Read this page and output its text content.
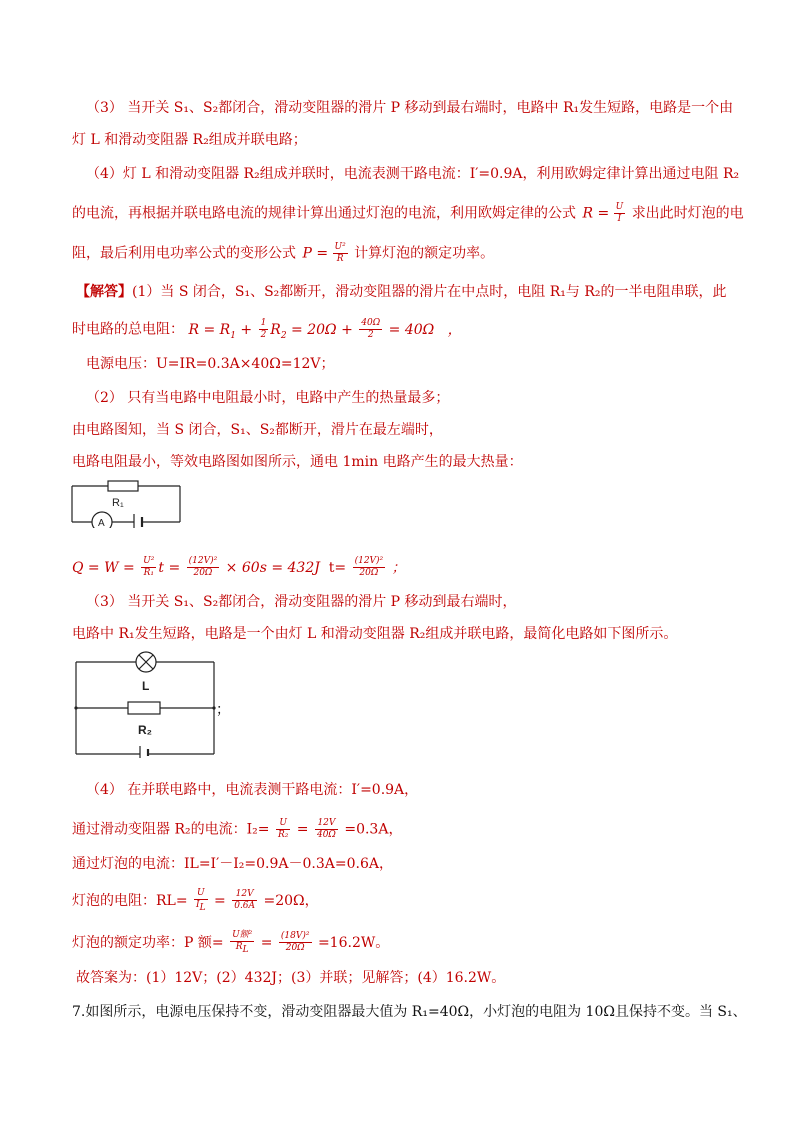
（3） 当开关 S₁、S₂都闭合，滑动变阻器的滑片 P 移动到最右端时，电路中 R₁发生短路，电路是一个由
灯 L 和滑动变阻器 R₂组成并联电路；
（4）灯 L 和滑动变阻器 R₂组成并联时，电流表测干路电流：I′=0.9A，利用欧姆定律计算出通过电阻 R₂
的电流，再根据并联电路电流的规律计算出通过灯泡的电流，利用欧姆定律的公式 $R = \frac{U}{I}$ 求出此时灯泡的电
阻，最后利用电功率公式的变形公式 $P = \frac{\text{U²}}{R}$ 计算灯泡的额定功率。
【解答】(1）当 S 闭合，S₁、S₂都断开，滑动变阻器的滑片在中点时，电阻 R₁与 R₂的一半电阻串联，此
时电路的总电阻： $R = R_1 + \frac{1}{2} R_2 = 20\Omega + \frac{40\Omega}{2} = 40\Omega$   ，
电源电压：U=IR=0.3A×40Ω=12V；
（2） 只有当电路中电阻最小时，电路中产生的热量最多；
由电路图知，当 S 闭合，S₁、S₂都断开，滑片在最左端时，
电路电阻最小，等效电路图如图所示，通电 1min 电路产生的最大热量：
R₁
A
$Q = W = \frac{\text{U²}}{\text{R₁}}$ $t = \frac{\text{(12V)²}}{20\Omega} \times 60s = 432J$ $t= \frac{\text{(12V)²}}{20\Omega}$ ；
（3） 当开关 S₁、S₂都闭合，滑动变阻器的滑片 P 移动到最右端时，
电路中 R₁发生短路，电路是一个由灯 L 和滑动变阻器 R₂组成并联电路，最简化电路如下图所示。
L
R₂
；
（4） 在并联电路中，电流表测干路电流：I′=0.9A，
通过滑动变阻器 R₂的电流：$I_2= \frac{U}{\text{R₂}} = \frac{12V}{40\Omega} =0.3A$，
通过灯泡的电流：IL=I′－I₂=0.9A－0.3A=0.6A，
灯泡的电阻：$RL= \frac{U}{I_L} = \frac{12V}{0.6A} =20\Omega$，
灯泡的额定功率：P 额= $\frac{\text{U额²}}{R_L} = \frac{\text{(18V)²}}{20\Omega} =16.2W$。
故答案为：(1）12V；(2）432J；(3）并联；见解答；(4）16.2W。
7.如图所示，电源电压保持不变，滑动变阻器最大值为 R₁=40Ω，小灯泡的电阻为 10Ω且保持不变。当 S₁、
